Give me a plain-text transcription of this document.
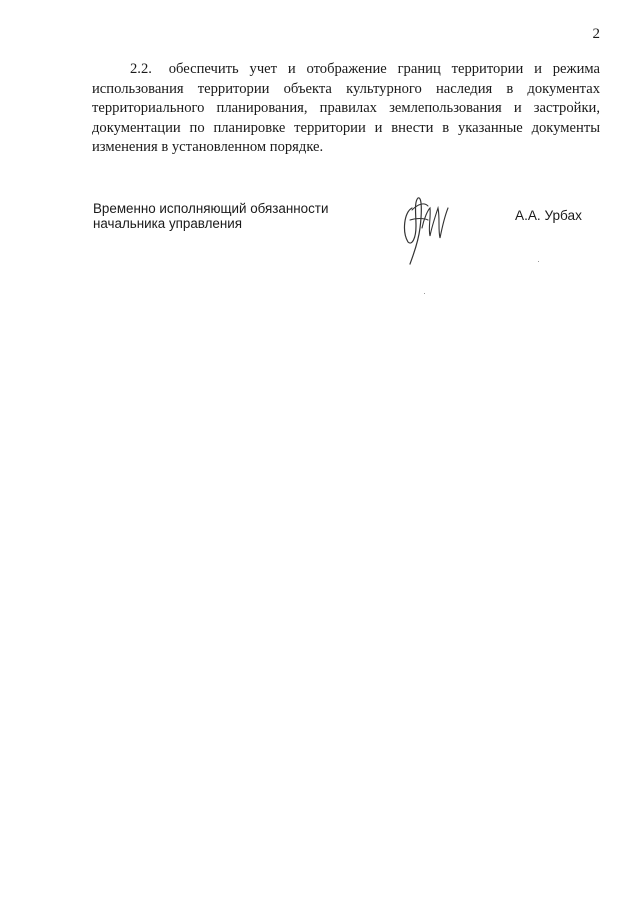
2

2.2. обеспечить учет и отображение границ территории и режима использования территории объекта культурного наследия в документах территориального планирования, правилах землепользования и застройки, документации по планировке территории и внести в указанные документы изменения в установленном порядке.

Временно исполняющий обязанности
начальника управления
А.А. Урбах
